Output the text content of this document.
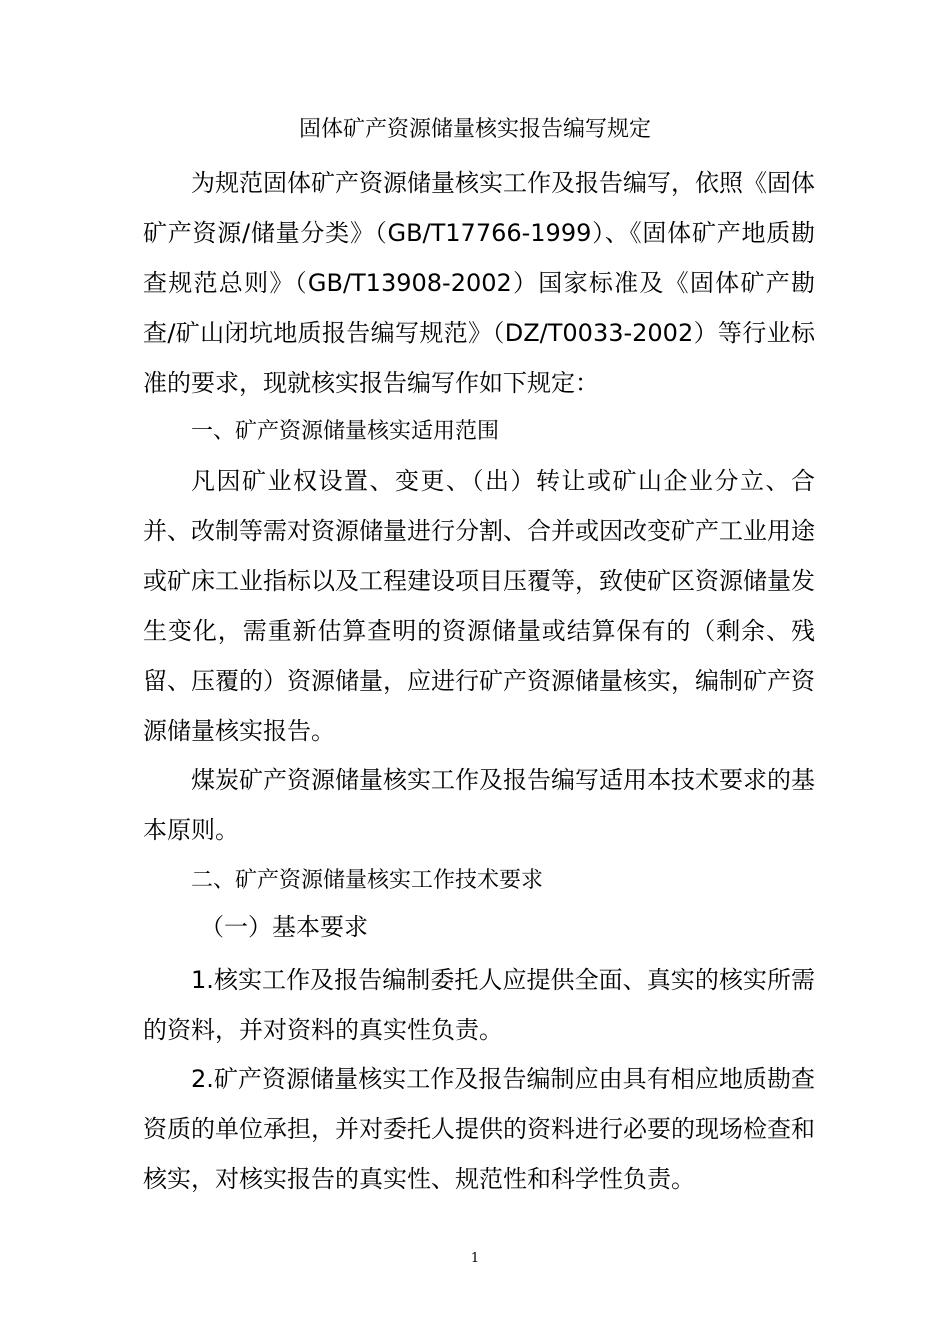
固体矿产资源储量核实报告编写规定

为规范固体矿产资源储量核实工作及报告编写，依照《固体矿产资源/储量分类》（GB/T17766-1999）、《固体矿产地质勘查规范总则》（GB/T13908-2002）国家标准及《固体矿产勘查/矿山闭坑地质报告编写规范》（DZ/T0033-2002）等行业标准的要求，现就核实报告编写作如下规定：

一、矿产资源储量核实适用范围

凡因矿业权设置、变更、（出）转让或矿山企业分立、合并、改制等需对资源储量进行分割、合并或因改变矿产工业用途或矿床工业指标以及工程建设项目压覆等，致使矿区资源储量发生变化，需重新估算查明的资源储量或结算保有的（剩余、残留、压覆的）资源储量，应进行矿产资源储量核实，编制矿产资源储量核实报告。

煤炭矿产资源储量核实工作及报告编写适用本技术要求的基本原则。

二、矿产资源储量核实工作技术要求
（一）基本要求

1.核实工作及报告编制委托人应提供全面、真实的核实所需的资料，并对资料的真实性负责。

2.矿产资源储量核实工作及报告编制应由具有相应地质勘查资质的单位承担，并对委托人提供的资料进行必要的现场检查和核实，对核实报告的真实性、规范性和科学性负责。

1
